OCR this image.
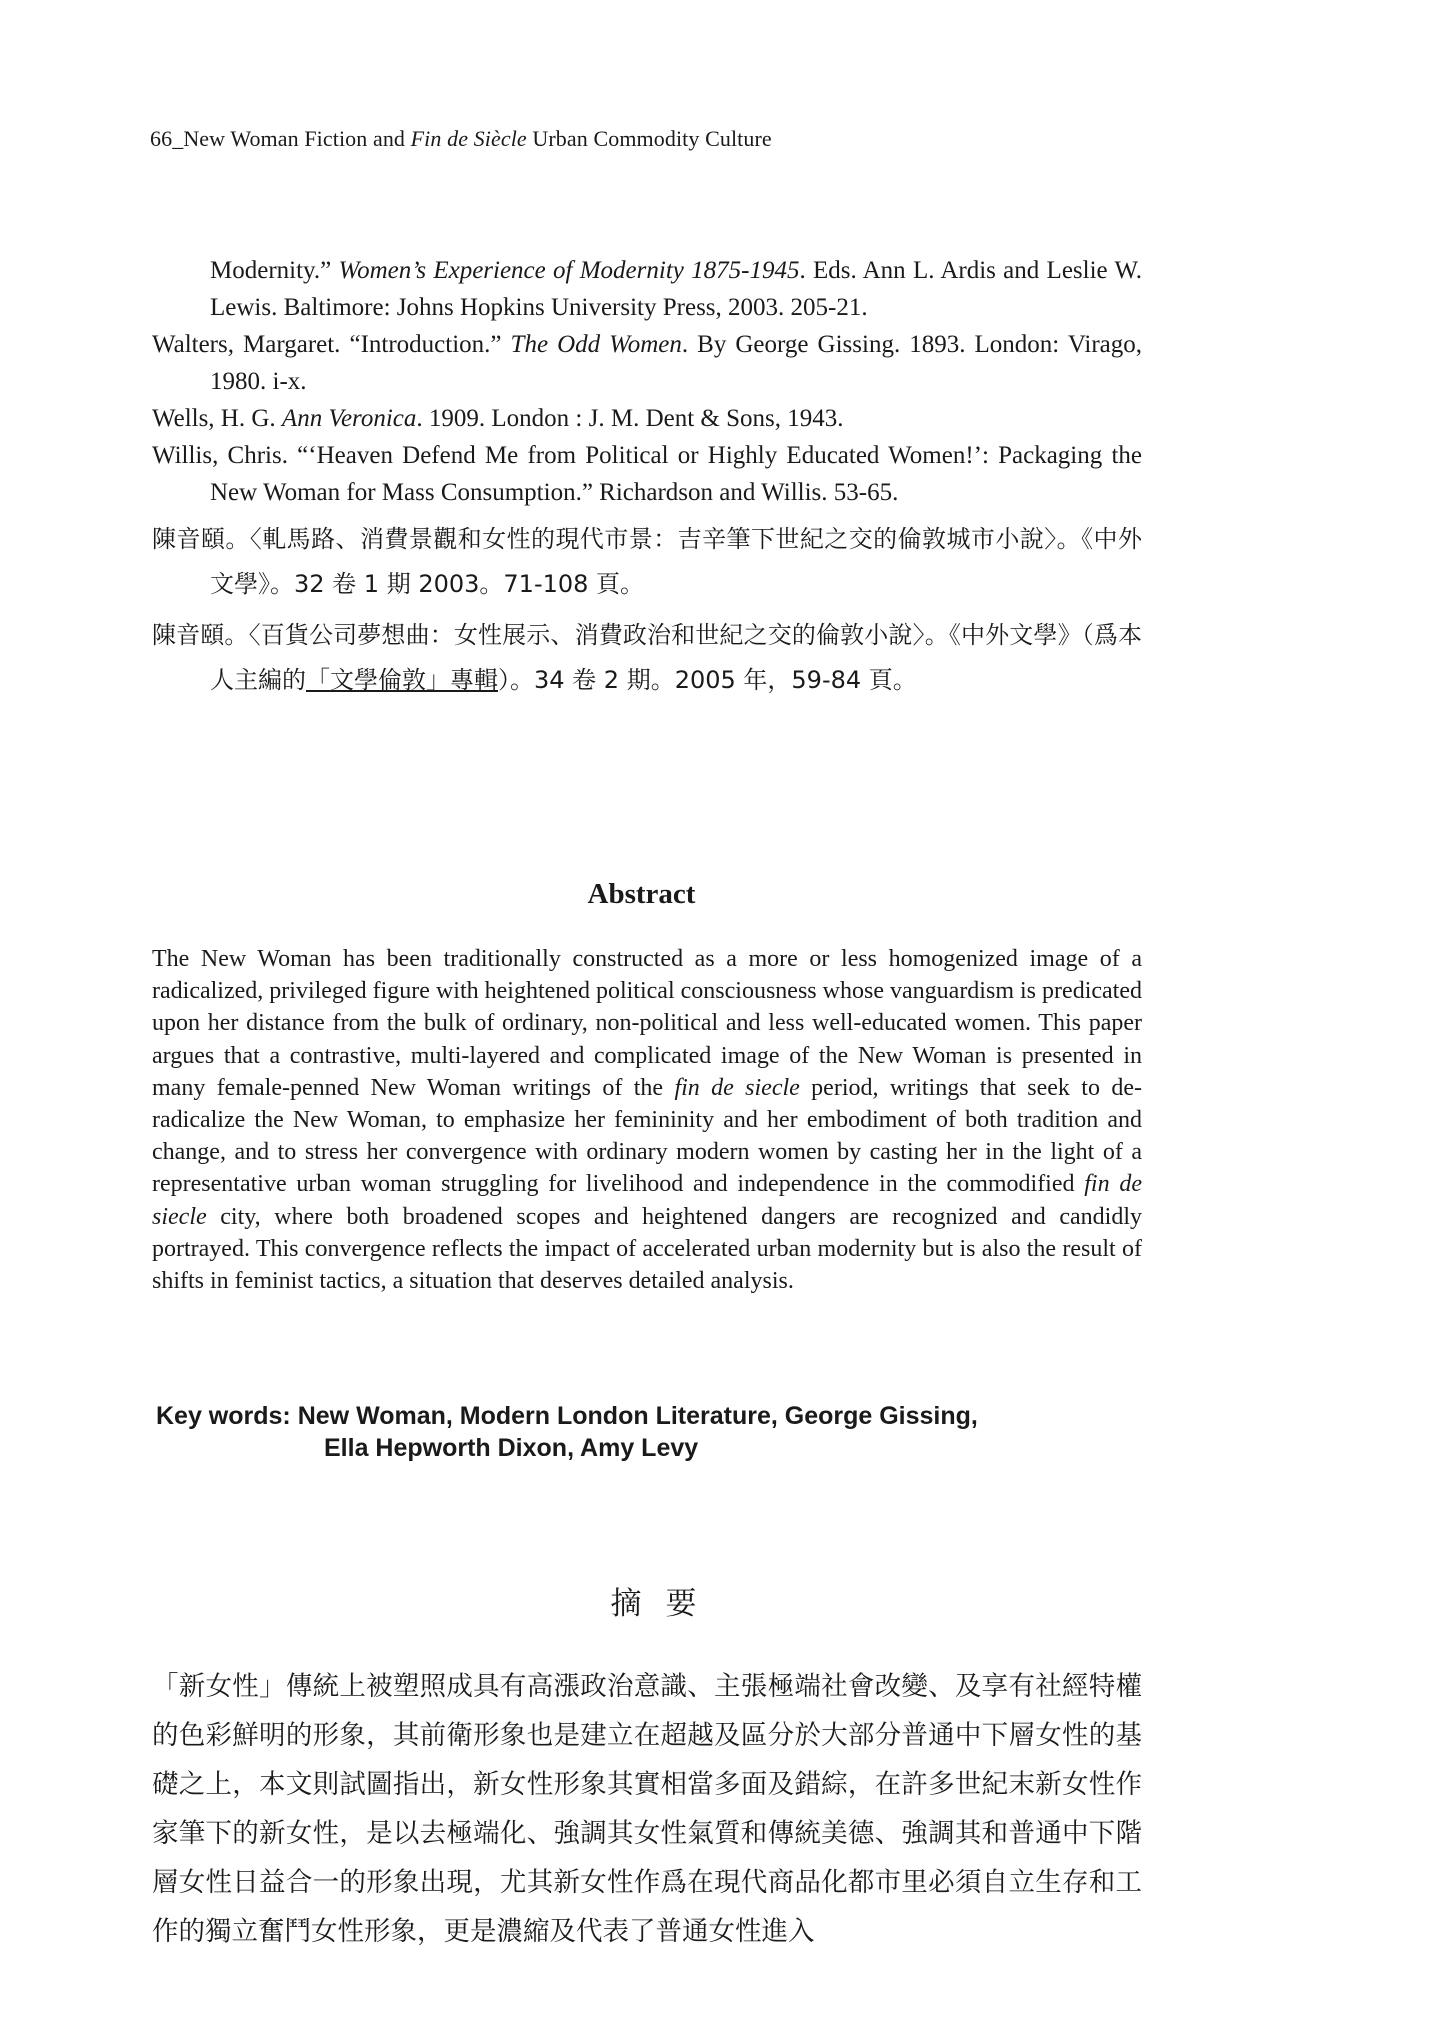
66_New Woman Fiction and Fin de Siècle Urban Commodity Culture

Modernity.” Women’s Experience of Modernity 1875-1945. Eds. Ann L. Ardis and Leslie W. Lewis. Baltimore: Johns Hopkins University Press, 2003. 205-21.

Walters, Margaret. “Introduction.” The Odd Women. By George Gissing. 1893. London: Virago, 1980. i-x.

Wells, H. G. Ann Veronica. 1909. London : J. M. Dent & Sons, 1943.

Willis, Chris. “‘Heaven Defend Me from Political or Highly Educated Women!’: Packaging the New Woman for Mass Consumption.” Richardson and Willis. 53-65.

陳音頤。〈軋馬路、消費景觀和女性的現代市景：吉辛筆下世紀之交的倫敦城市小說〉。《中外文學》。32 卷 1 期 2003。71-108 頁。

陳音頤。〈百貨公司夢想曲：女性展示、消費政治和世紀之交的倫敦小說〉。《中外文學》（爲本人主編的「文學倫敦」專輯）。34 卷 2 期。2005 年，59-84 頁。

Abstract

The New Woman has been traditionally constructed as a more or less homogenized image of a radicalized, privileged figure with heightened political consciousness whose vanguardism is predicated upon her distance from the bulk of ordinary, non-political and less well-educated women. This paper argues that a contrastive, multi-layered and complicated image of the New Woman is presented in many female-penned New Woman writings of the fin de siecle period, writings that seek to de-radicalize the New Woman, to emphasize her femininity and her embodiment of both tradition and change, and to stress her convergence with ordinary modern women by casting her in the light of a representative urban woman struggling for livelihood and independence in the commodified fin de siecle city, where both broadened scopes and heightened dangers are recognized and candidly portrayed. This convergence reflects the impact of accelerated urban modernity but is also the result of shifts in feminist tactics, a situation that deserves detailed analysis.

Key words: New Woman, Modern London Literature, George Gissing,
Ella Hepworth Dixon, Amy Levy
摘要

「新女性」傳統上被塑照成具有高漲政治意識、主張極端社會改變、及享有社經特權的色彩鮮明的形象，其前衛形象也是建立在超越及區分於大部分普通中下層女性的基礎之上，本文則試圖指出，新女性形象其實相當多面及錯綜，在許多世紀末新女性作家筆下的新女性，是以去極端化、強調其女性氣質和傳統美德、強調其和普通中下階層女性日益合一的形象出現，尤其新女性作爲在現代商品化都市里必須自立生存和工作的獨立奮鬥女性形象，更是濃縮及代表了普通女性進入
